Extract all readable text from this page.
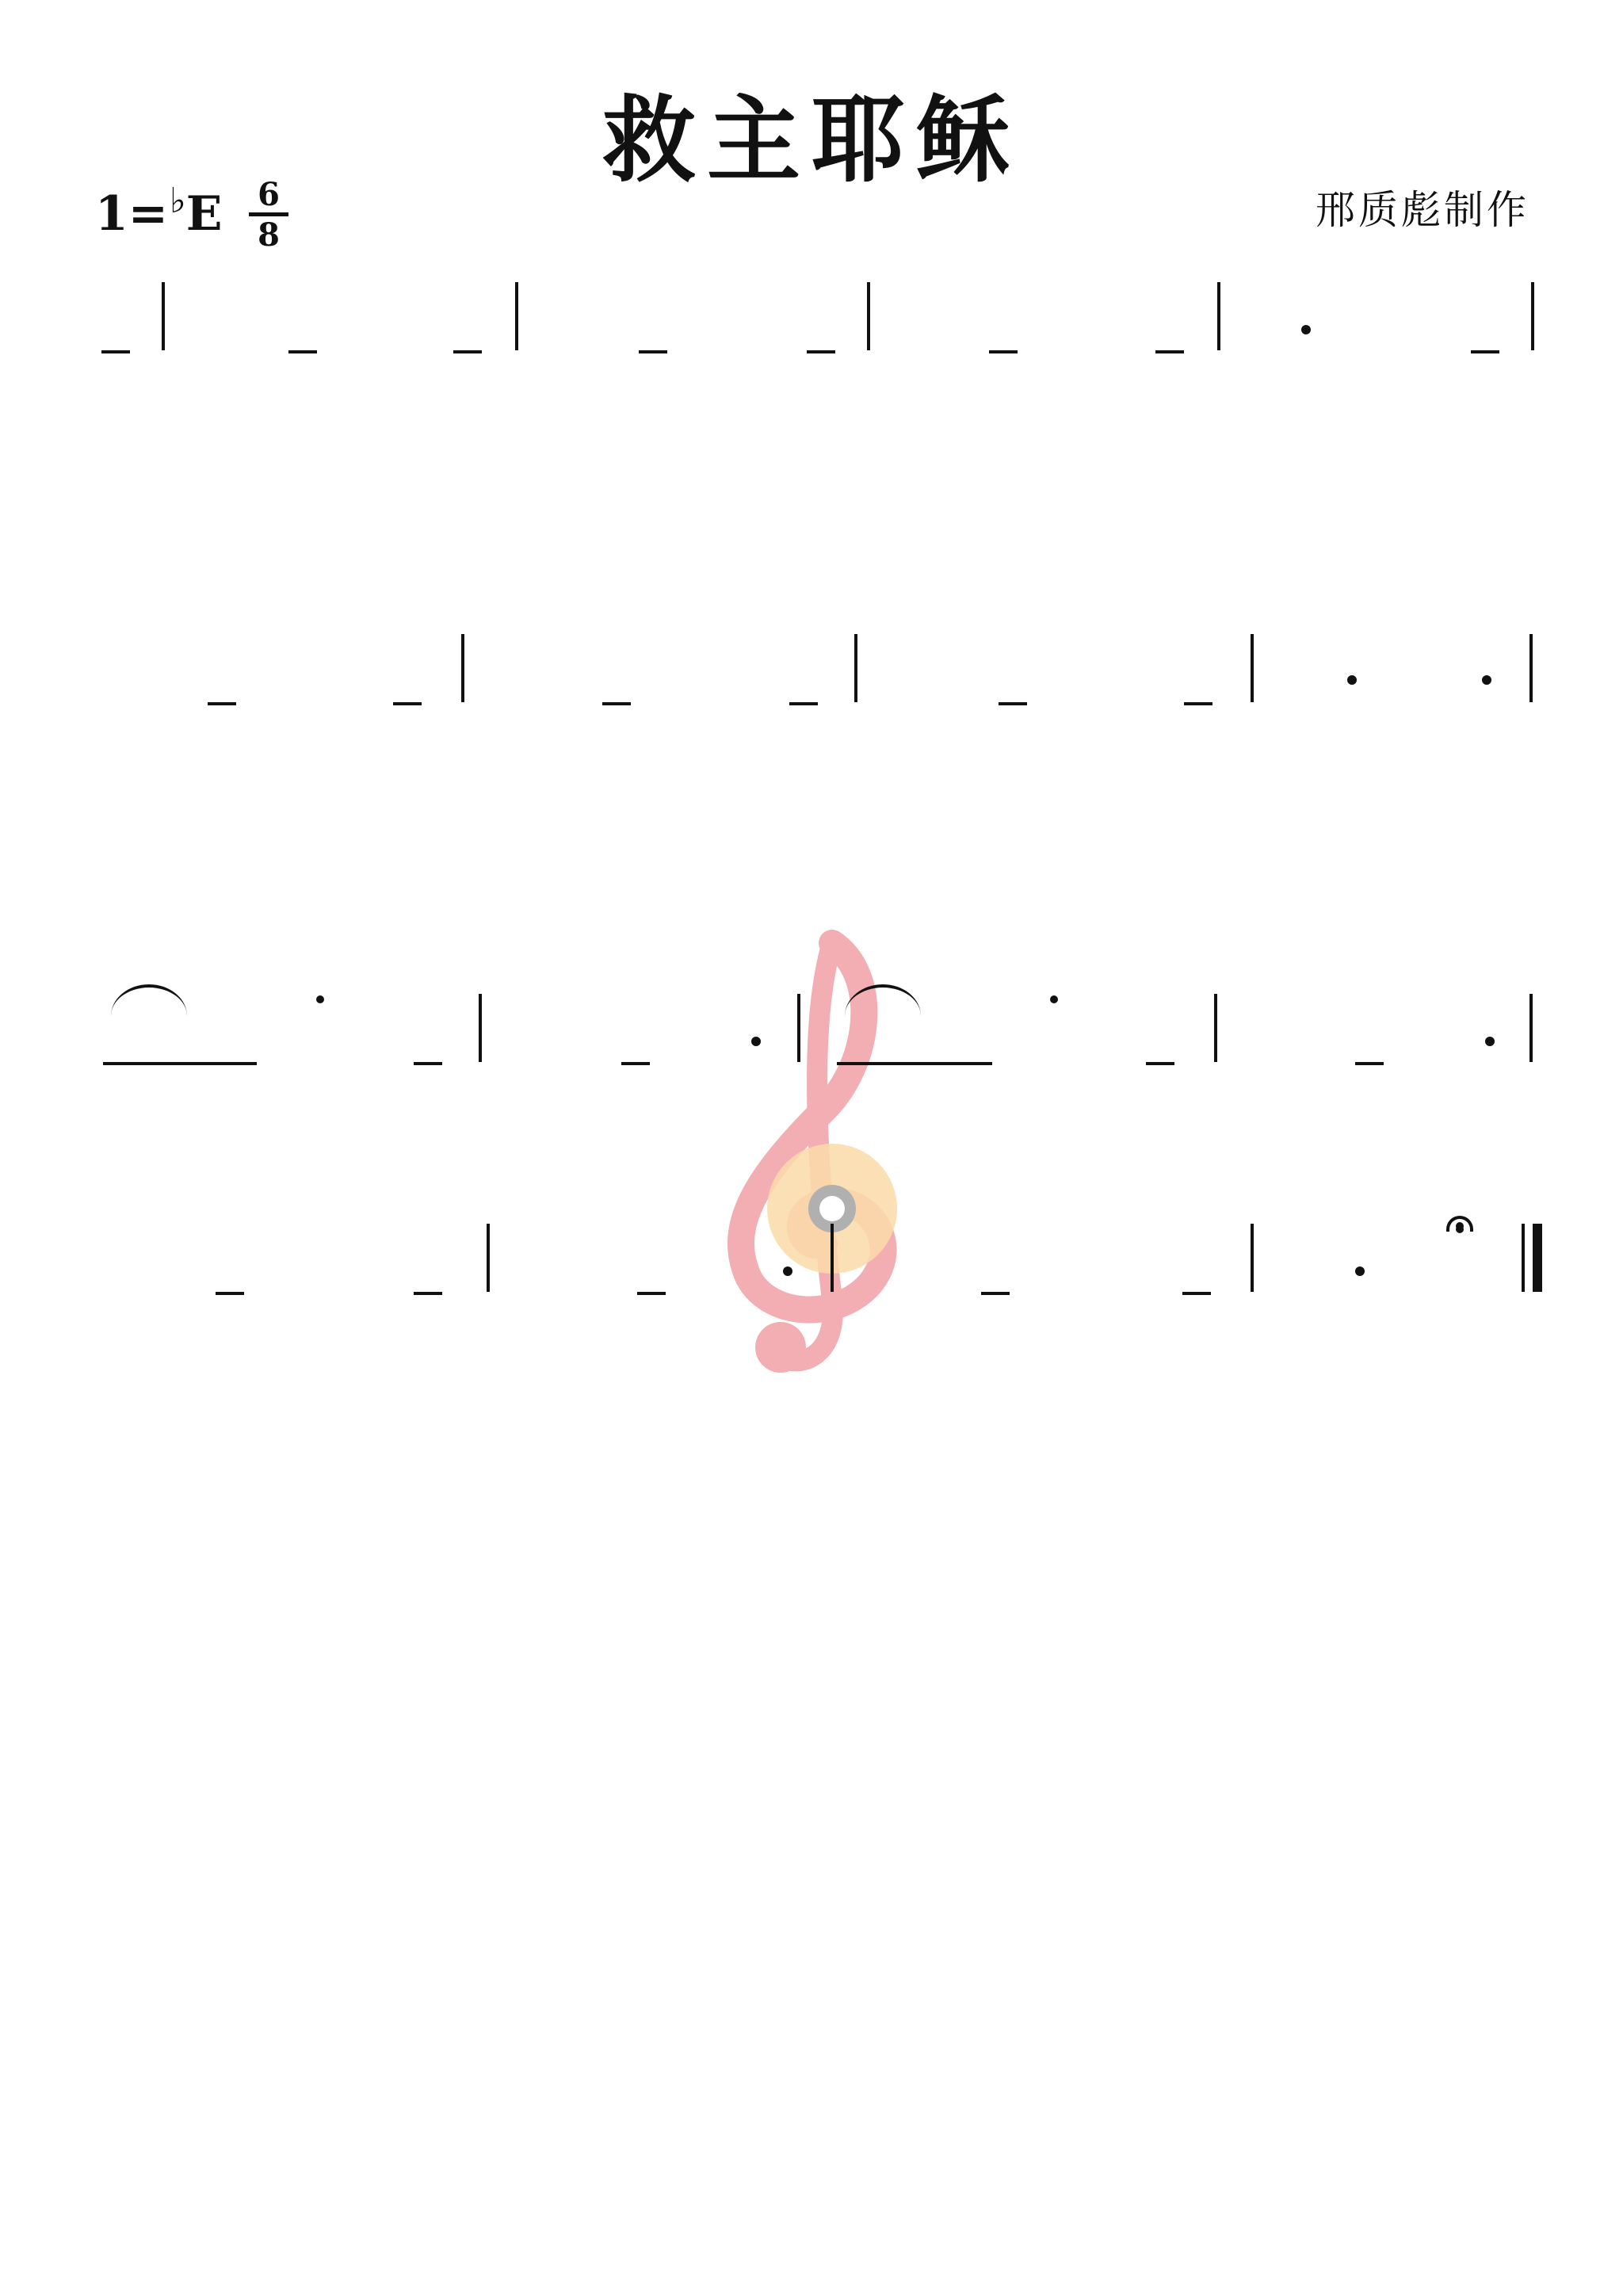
救主耶稣
1=♭E 6
8
邢质彪制作
